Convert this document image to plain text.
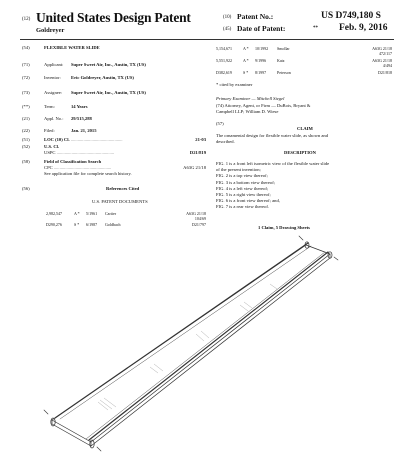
(12) United States Design Patent
Goldreyer
(10) Patent No.:	US D749,180 S
(45) Date of Patent:	** Feb. 9, 2016
(54)	FLEXIBLE WATER SLIDE
(71)	Applicant: Super Sweet Air, Inc., Austin, TX (US)
(72)	Inventor: Eric Goldreyer, Austin, TX (US)
(73)	Assignee: Super Sweet Air, Inc., Austin, TX (US)
(**)	Term:	14 Years
(21)	Appl. No.: 29/515,288
(22)	Filed:	Jan. 21, 2015
(51)	LOC (10) Cl. .............................................	21-03
(52)	U.S. Cl.
USPC ..................................................	D21/819
(58)	Field of Classification Search
CPC ..................................................	A63G 21/18
See application file for complete search history.
(56)	References Cited
U.S. PATENT DOCUMENTS
2,982,547	A * 5/1961 Cartier	A63G 21/18
104/69
D290,276	S * 6/1987 Goldbach	D21/797
5,154,671	A * 10/1992 Smollar	A63G 21/18
472/117
5,551,922	A * 9/1996	Katz	A63G 21/18
4/494
D382,619	S * 8/1997	Peterson	D21/818
* cited by examiner
Primary Examiner — Mitchell Siegel
(74) Attorney, Agent, or Firm — DuBois, Bryant &
Campbell LLP; William D. Wiese
(57)
CLAIM
The ornamental design for flexible water slide, as shown and
described.
DESCRIPTION
FIG. 1 is a front left isometric view of the flexible water slide
of the present invention;
FIG. 2 is a top view thereof;
FIG. 3 is a bottom view thereof;
FIG. 4 is a left view thereof;
FIG. 5 is a right view thereof;
FIG. 6 is a front view thereof; and,
FIG. 7 is a rear view thereof.
1 Claim, 5 Drawing Sheets
